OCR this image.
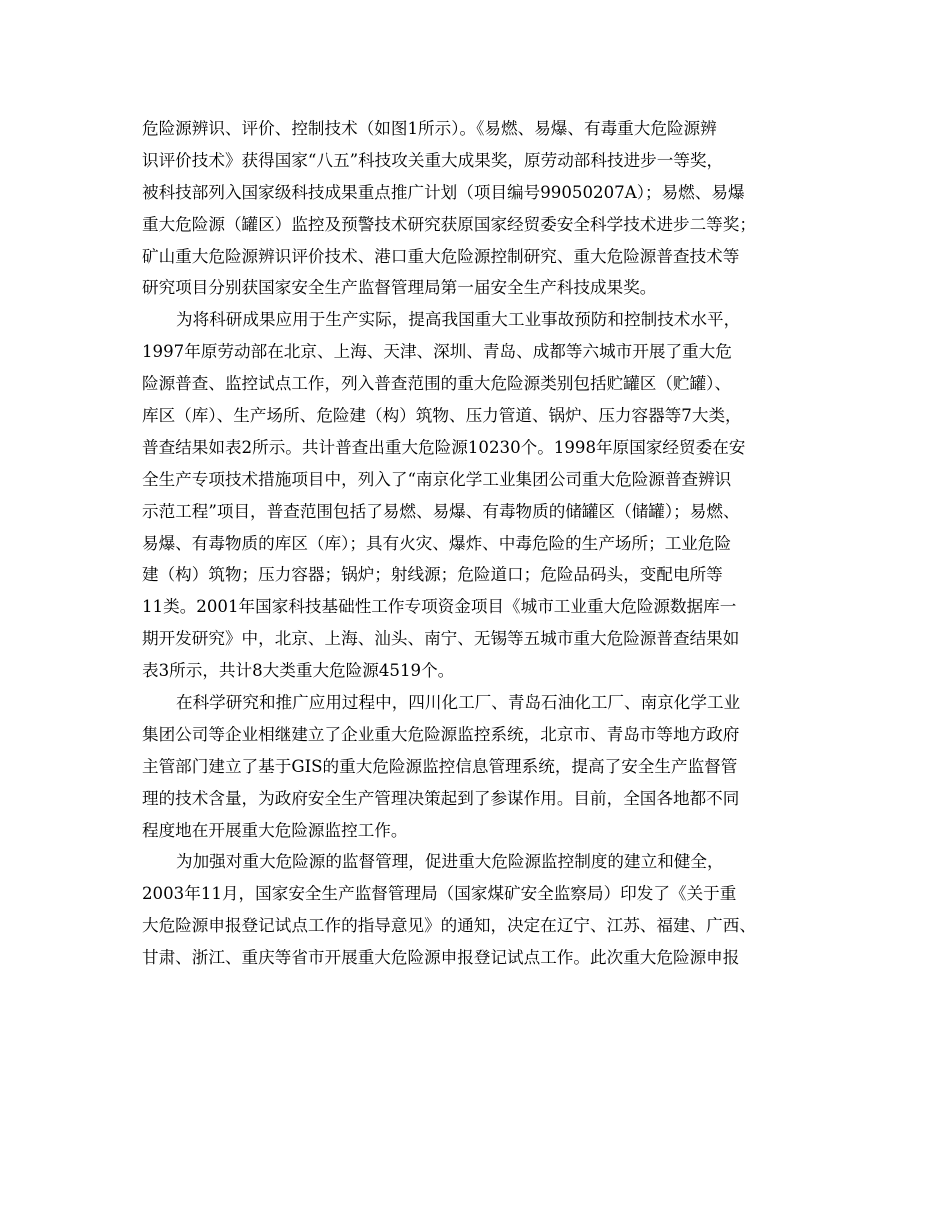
危险源辨识、评价、控制技术（如图1所示）。《易燃、易爆、有毒重大危险源辨
识评价技术》获得国家“八五”科技攻关重大成果奖，原劳动部科技进步一等奖，
被科技部列入国家级科技成果重点推广计划（项目编号99050207A）；易燃、易爆
重大危险源（罐区）监控及预警技术研究获原国家经贸委安全科学技术进步二等奖；
矿山重大危险源辨识评价技术、港口重大危险源控制研究、重大危险源普查技术等
研究项目分别获国家安全生产监督管理局第一届安全生产科技成果奖。

为将科研成果应用于生产实际，提高我国重大工业事故预防和控制技术水平，
1997年原劳动部在北京、上海、天津、深圳、青岛、成都等六城市开展了重大危
险源普查、监控试点工作，列入普查范围的重大危险源类别包括贮罐区（贮罐）、
库区（库）、生产场所、危险建（构）筑物、压力管道、锅炉、压力容器等7大类，
普查结果如表2所示。共计普查出重大危险源10230个。1998年原国家经贸委在安
全生产专项技术措施项目中，列入了“南京化学工业集团公司重大危险源普查辨识
示范工程”项目，普查范围包括了易燃、易爆、有毒物质的储罐区（储罐）；易燃、
易爆、有毒物质的库区（库）；具有火灾、爆炸、中毒危险的生产场所；工业危险
建（构）筑物；压力容器；锅炉；射线源；危险道口；危险品码头，变配电所等
11类。2001年国家科技基础性工作专项资金项目《城市工业重大危险源数据库一
期开发研究》中，北京、上海、汕头、南宁、无锡等五城市重大危险源普查结果如
表3所示，共计8大类重大危险源4519个。

在科学研究和推广应用过程中，四川化工厂、青岛石油化工厂、南京化学工业
集团公司等企业相继建立了企业重大危险源监控系统，北京市、青岛市等地方政府
主管部门建立了基于GIS的重大危险源监控信息管理系统，提高了安全生产监督管
理的技术含量，为政府安全生产管理决策起到了参谋作用。目前，全国各地都不同
程度地在开展重大危险源监控工作。

为加强对重大危险源的监督管理，促进重大危险源监控制度的建立和健全，
2003年11月，国家安全生产监督管理局（国家煤矿安全监察局）印发了《关于重
大危险源申报登记试点工作的指导意见》的通知，决定在辽宁、江苏、福建、广西、
甘肃、浙江、重庆等省市开展重大危险源申报登记试点工作。此次重大危险源申报
